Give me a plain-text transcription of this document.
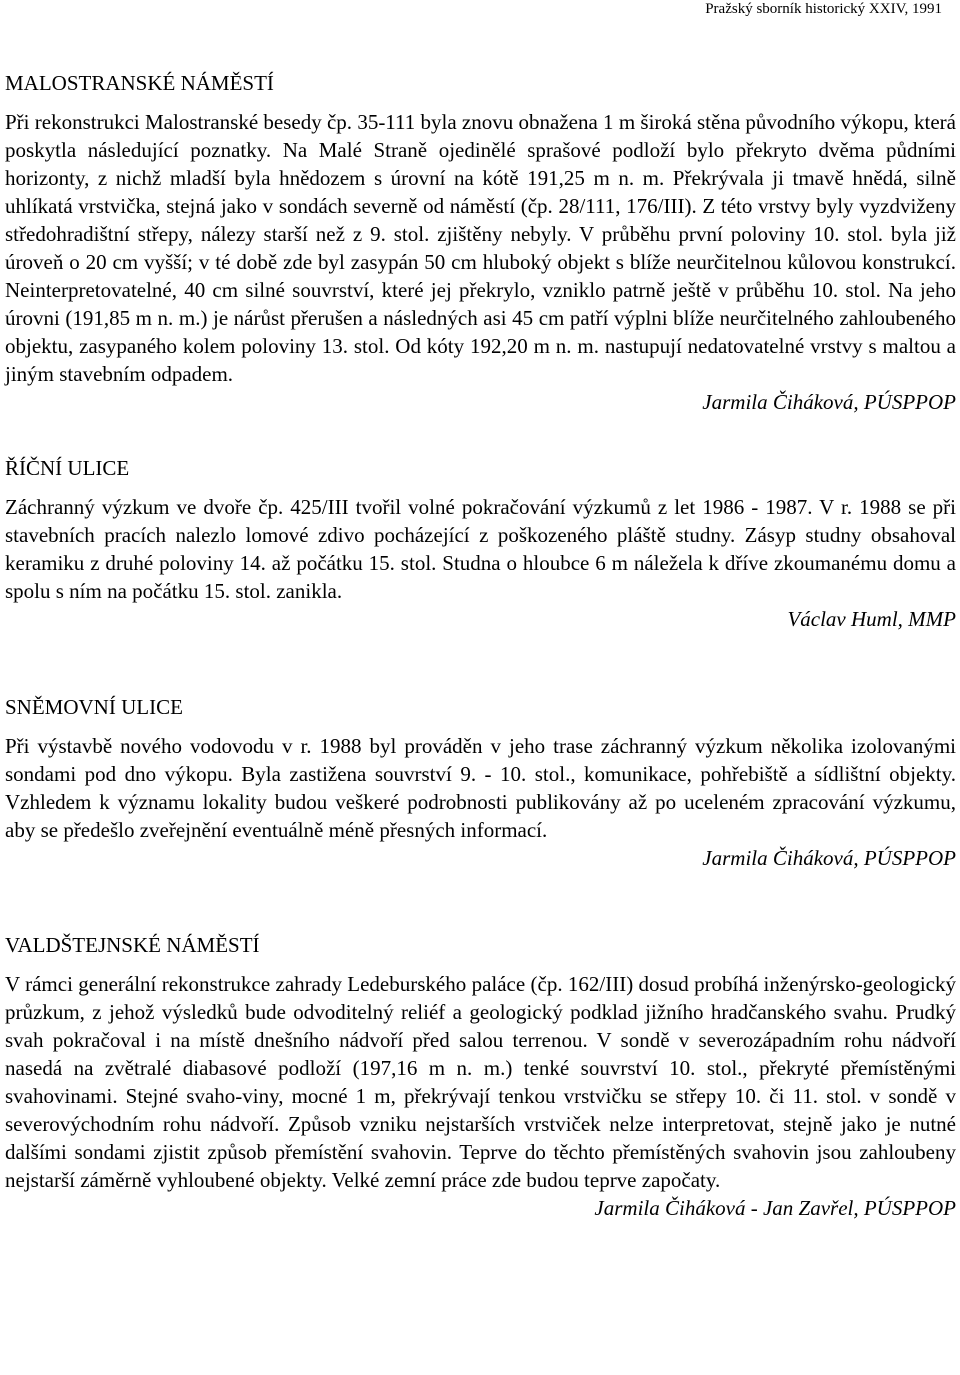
Pražský sborník historický XXIV, 1991
MALOSTRANSKÉ NÁMĚSTÍ

Při rekonstrukci Malostranské besedy čp. 35-111 byla znovu obnažena 1 m široká stěna původního výkopu, která poskytla následující poznatky. Na Malé Straně ojedinělé sprašové podloží bylo překryto dvěma půdními horizonty, z nichž mladší byla hnědozem s úrovní na kótě 191,25 m n. m. Překrývala ji tmavě hnědá, silně uhlíkatá vrstvička, stejná jako v sondách severně od náměstí (čp. 28/111, 176/III). Z této vrstvy byly vyzdviženy středohradištní střepy, nálezy starší než z 9. stol. zjištěny nebyly. V průběhu první poloviny 10. stol. byla již úroveň o 20 cm vyšší; v té době zde byl zasypán 50 cm hluboký objekt s blíže neurčitelnou kůlovou konstrukcí. Neinterpretovatelné, 40 cm silné souvrství, které jej překrylo, vzniklo patrně ještě v průběhu 10. stol. Na jeho úrovni (191,85 m n. m.) je nárůst přerušen a následných asi 45 cm patří výplni blíže neurčitelného zahloubeného objektu, zasypaného kolem poloviny 13. stol. Od kóty 192,20 m n. m. nastupují nedatovatelné vrstvy s maltou a jiným stavebním odpadem.

Jarmila Čiháková, PÚSPPOP

ŘÍČNÍ ULICE

Záchranný výzkum ve dvoře čp. 425/III tvořil volné pokračování výzkumů z let 1986 - 1987. V r. 1988 se při stavebních pracích nalezlo lomové zdivo pocházející z poškozeného pláště studny. Zásyp studny obsahoval keramiku z druhé poloviny 14. až počátku 15. stol. Studna o hloubce 6 m náležela k dříve zkoumanému domu a spolu s ním na počátku 15. stol. zanikla.

Václav Huml, MMP

SNĚMOVNÍ ULICE

Při výstavbě nového vodovodu v r. 1988 byl prováděn v jeho trase záchranný výzkum několika izolovanými sondami pod dno výkopu. Byla zastižena souvrství 9. - 10. stol., komunikace, pohřebiště a sídlištní objekty. Vzhledem k významu lokality budou veškeré podrobnosti publikovány až po uceleném zpracování výzkumu, aby se předešlo zveřejnění eventuálně méně přesných informací.

Jarmila Čiháková, PÚSPPOP

VALDŠTEJNSKÉ NÁMĚSTÍ

V rámci generální rekonstrukce zahrady Ledeburského paláce (čp. 162/III) dosud probíhá inženýrsko-geologický průzkum, z jehož výsledků bude odvoditelný reliéf a geologický podklad jižního hradčanského svahu. Prudký svah pokračoval i na místě dnešního nádvoří před salou terrenou. V sondě v severozápadním rohu nádvoří nasedá na zvětralé diabasové podloží (197,16 m n. m.) tenké souvrství 10. stol., překryté přemístěnými svahovinami. Stejné svaho-viny, mocné 1 m, překrývají tenkou vrstvičku se střepy 10. či 11. stol. v sondě v severovýchodním rohu nádvoří. Způsob vzniku nejstarších vrstviček nelze interpretovat, stejně jako je nutné dalšími sondami zjistit způsob přemístění svahovin. Teprve do těchto přemístěných svahovin jsou zahloubeny nejstarší záměrně vyhloubené objekty. Velké zemní práce zde budou teprve započaty.

Jarmila Čiháková - Jan Zavřel, PÚSPPOP
